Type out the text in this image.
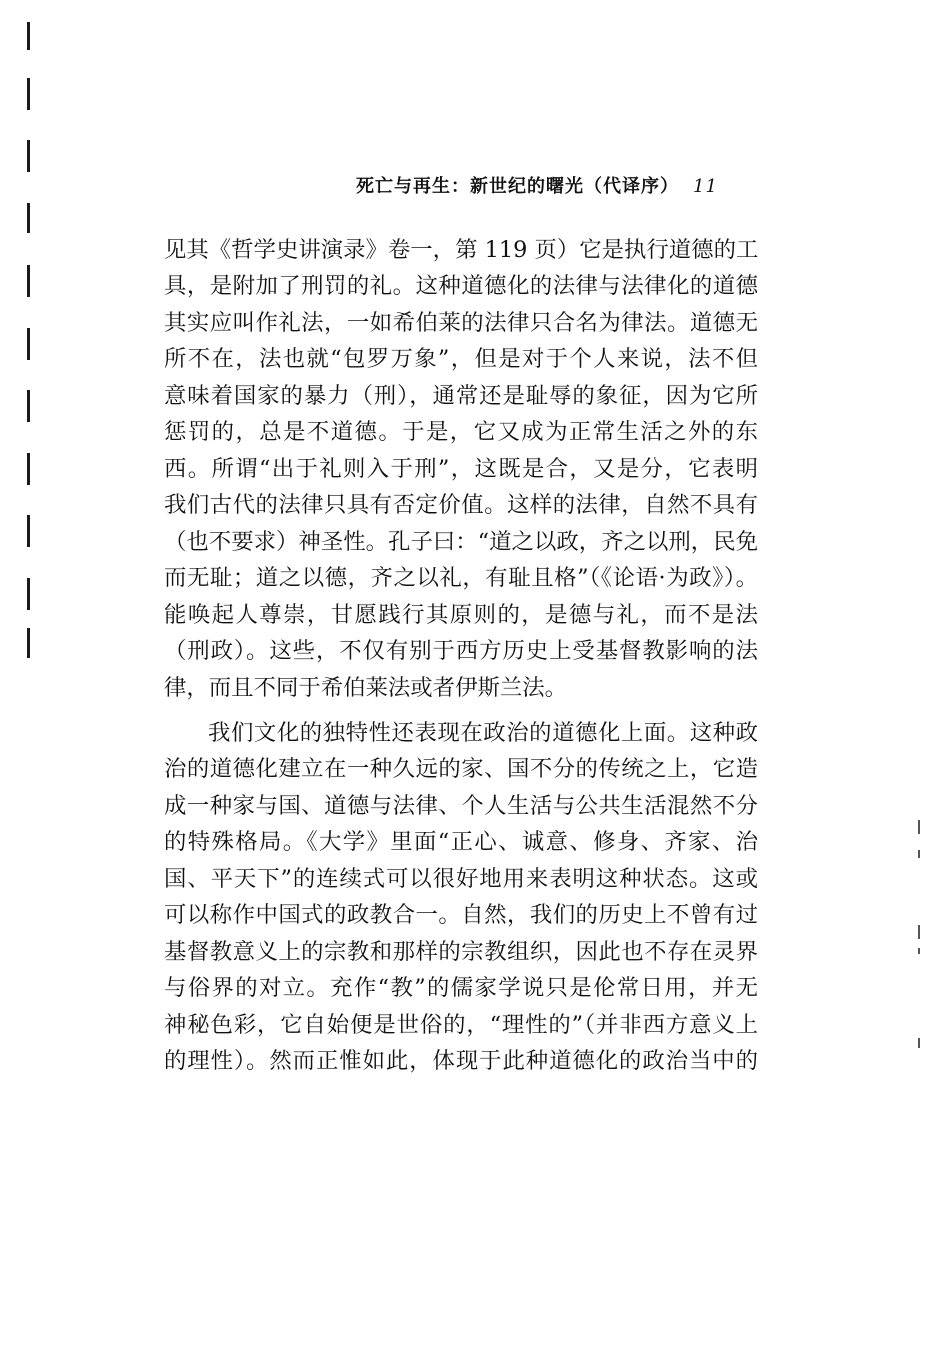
死亡与再生：新世纪的曙光（代译序） 11
见其《哲学史讲演录》卷一，第 119 页）它是执行道德的工
具，是附加了刑罚的礼。这种道德化的法律与法律化的道德
其实应叫作礼法，一如希伯莱的法律只合名为律法。道德无
所不在，法也就“包罗万象”，但是对于个人来说，法不但
意味着国家的暴力（刑），通常还是耻辱的象征，因为它所
惩罚的，总是不道德。于是，它又成为正常生活之外的东
西。所谓“出于礼则入于刑”，这既是合，又是分，它表明
我们古代的法律只具有否定价值。这样的法律，自然不具有
（也不要求）神圣性。孔子曰：“道之以政，齐之以刑，民免
而无耻；道之以德，齐之以礼，有耻且格”（《论语·为政》）。
能唤起人尊崇，甘愿践行其原则的，是德与礼，而不是法
（刑政）。这些，不仅有别于西方历史上受基督教影响的法
律，而且不同于希伯莱法或者伊斯兰法。
我们文化的独特性还表现在政治的道德化上面。这种政
治的道德化建立在一种久远的家、国不分的传统之上，它造
成一种家与国、道德与法律、个人生活与公共生活混然不分
的特殊格局。《大学》里面“正心、诚意、修身、齐家、治
国、平天下”的连续式可以很好地用来表明这种状态。这或
可以称作中国式的政教合一。自然，我们的历史上不曾有过
基督教意义上的宗教和那样的宗教组织，因此也不存在灵界
与俗界的对立。充作“教”的儒家学说只是伦常日用，并无
神秘色彩，它自始便是世俗的，“理性的”（并非西方意义上
的理性）。然而正惟如此，体现于此种道德化的政治当中的
